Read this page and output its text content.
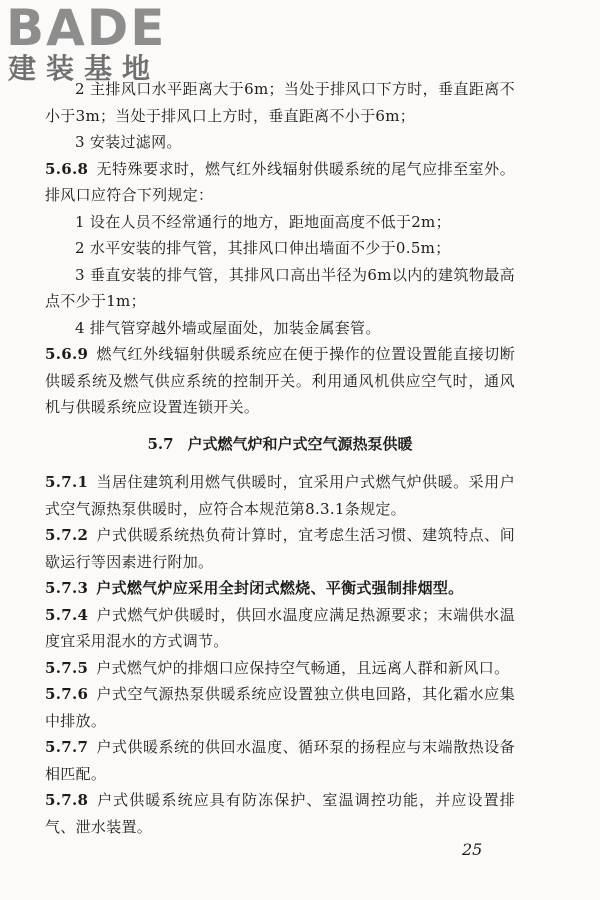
BADE
建装基地

2 主排风口水平距离大于6m；当处于排风口下方时，垂直距离不小于3m；当处于排风口上方时，垂直距离不小于6m；

3 安装过滤网。

5.6.8 无特殊要求时，燃气红外线辐射供暖系统的尾气应排至室外。排风口应符合下列规定：

1 设在人员不经常通行的地方，距地面高度不低于2m；

2 水平安装的排气管，其排风口伸出墙面不少于0.5m；

3 垂直安装的排气管，其排风口高出半径为6m以内的建筑物最高点不少于1m；

4 排气管穿越外墙或屋面处，加装金属套管。

5.6.9 燃气红外线辐射供暖系统应在便于操作的位置设置能直接切断供暖系统及燃气供应系统的控制开关。利用通风机供应空气时，通风机与供暖系统应设置连锁开关。

5.7 户式燃气炉和户式空气源热泵供暖

5.7.1 当居住建筑利用燃气供暖时，宜采用户式燃气炉供暖。采用户式空气源热泵供暖时，应符合本规范第8.3.1条规定。

5.7.2 户式供暖系统热负荷计算时，宜考虑生活习惯、建筑特点、间歇运行等因素进行附加。

5.7.3 户式燃气炉应采用全封闭式燃烧、平衡式强制排烟型。

5.7.4 户式燃气炉供暖时，供回水温度应满足热源要求；末端供水温度宜采用混水的方式调节。

5.7.5 户式燃气炉的排烟口应保持空气畅通，且远离人群和新风口。

5.7.6 户式空气源热泵供暖系统应设置独立供电回路，其化霜水应集中排放。

5.7.7 户式供暖系统的供回水温度、循环泵的扬程应与末端散热设备相匹配。

5.7.8 户式供暖系统应具有防冻保护、室温调控功能，并应设置排气、泄水装置。

25
